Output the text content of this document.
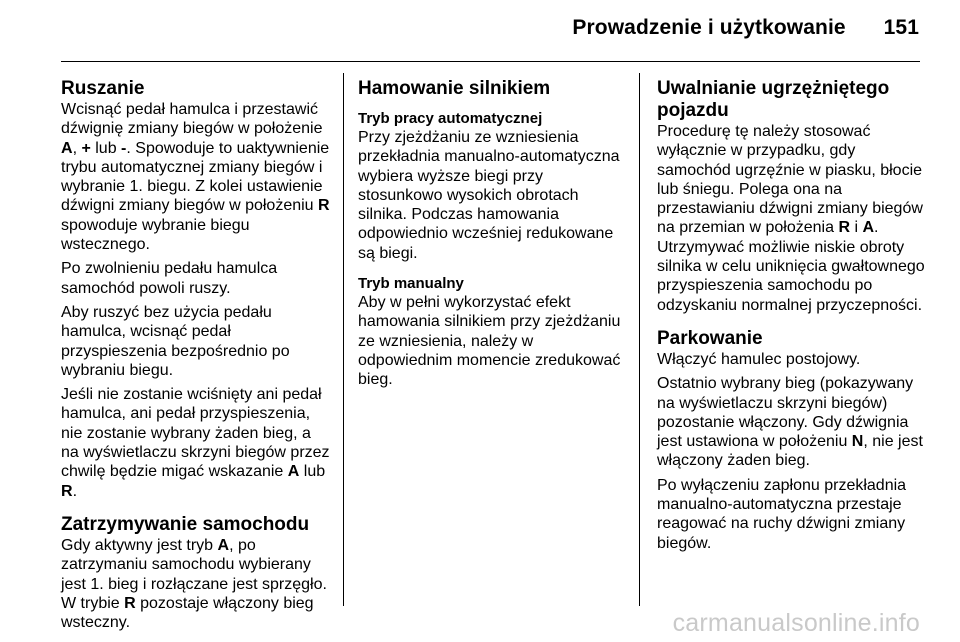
Prowadzenie i użytkowanie 151
Ruszanie

Wcisnąć pedał hamulca i przestawić dźwignię zmiany biegów w położenie A, + lub -. Spowoduje to uaktywnienie trybu automatycznej zmiany biegów i wybranie 1. biegu. Z kolei ustawienie dźwigni zmiany biegów w położeniu R spowoduje wybranie biegu wstecznego.

Po zwolnieniu pedału hamulca samochód powoli ruszy.

Aby ruszyć bez użycia pedału hamulca, wcisnąć pedał przyspieszenia bezpośrednio po wybraniu biegu.

Jeśli nie zostanie wciśnięty ani pedał hamulca, ani pedał przyspieszenia, nie zostanie wybrany żaden bieg, a na wyświetlaczu skrzyni biegów przez chwilę będzie migać wskazanie A lub R.

Zatrzymywanie samochodu

Gdy aktywny jest tryb A, po zatrzymaniu samochodu wybierany jest 1. bieg i rozłączane jest sprzęgło. W trybie R pozostaje włączony bieg wsteczny.

Hamowanie silnikiem
Tryb pracy automatycznej

Przy zjeżdżaniu ze wzniesienia przekładnia manualno-automatyczna wybiera wyższe biegi przy stosunkowo wysokich obrotach silnika. Podczas hamowania odpowiednio wcześniej redukowane są biegi.

Tryb manualny

Aby w pełni wykorzystać efekt hamowania silnikiem przy zjeżdżaniu ze wzniesienia, należy w odpowiednim momencie zredukować bieg.

Uwalnianie ugrzężniętego pojazdu

Procedurę tę należy stosować wyłącznie w przypadku, gdy samochód ugrzęźnie w piasku, błocie lub śniegu. Polega ona na przestawianiu dźwigni zmiany biegów na przemian w położenia R i A. Utrzymywać możliwie niskie obroty silnika w celu uniknięcia gwałtownego przyspieszenia samochodu po odzyskaniu normalnej przyczepności.

Parkowanie

Włączyć hamulec postojowy.

Ostatnio wybrany bieg (pokazywany na wyświetlaczu skrzyni biegów) pozostanie włączony. Gdy dźwignia jest ustawiona w położeniu N, nie jest włączony żaden bieg.

Po wyłączeniu zapłonu przekładnia manualno-automatyczna przestaje reagować na ruchy dźwigni zmiany biegów.

carmanualsonline.info
